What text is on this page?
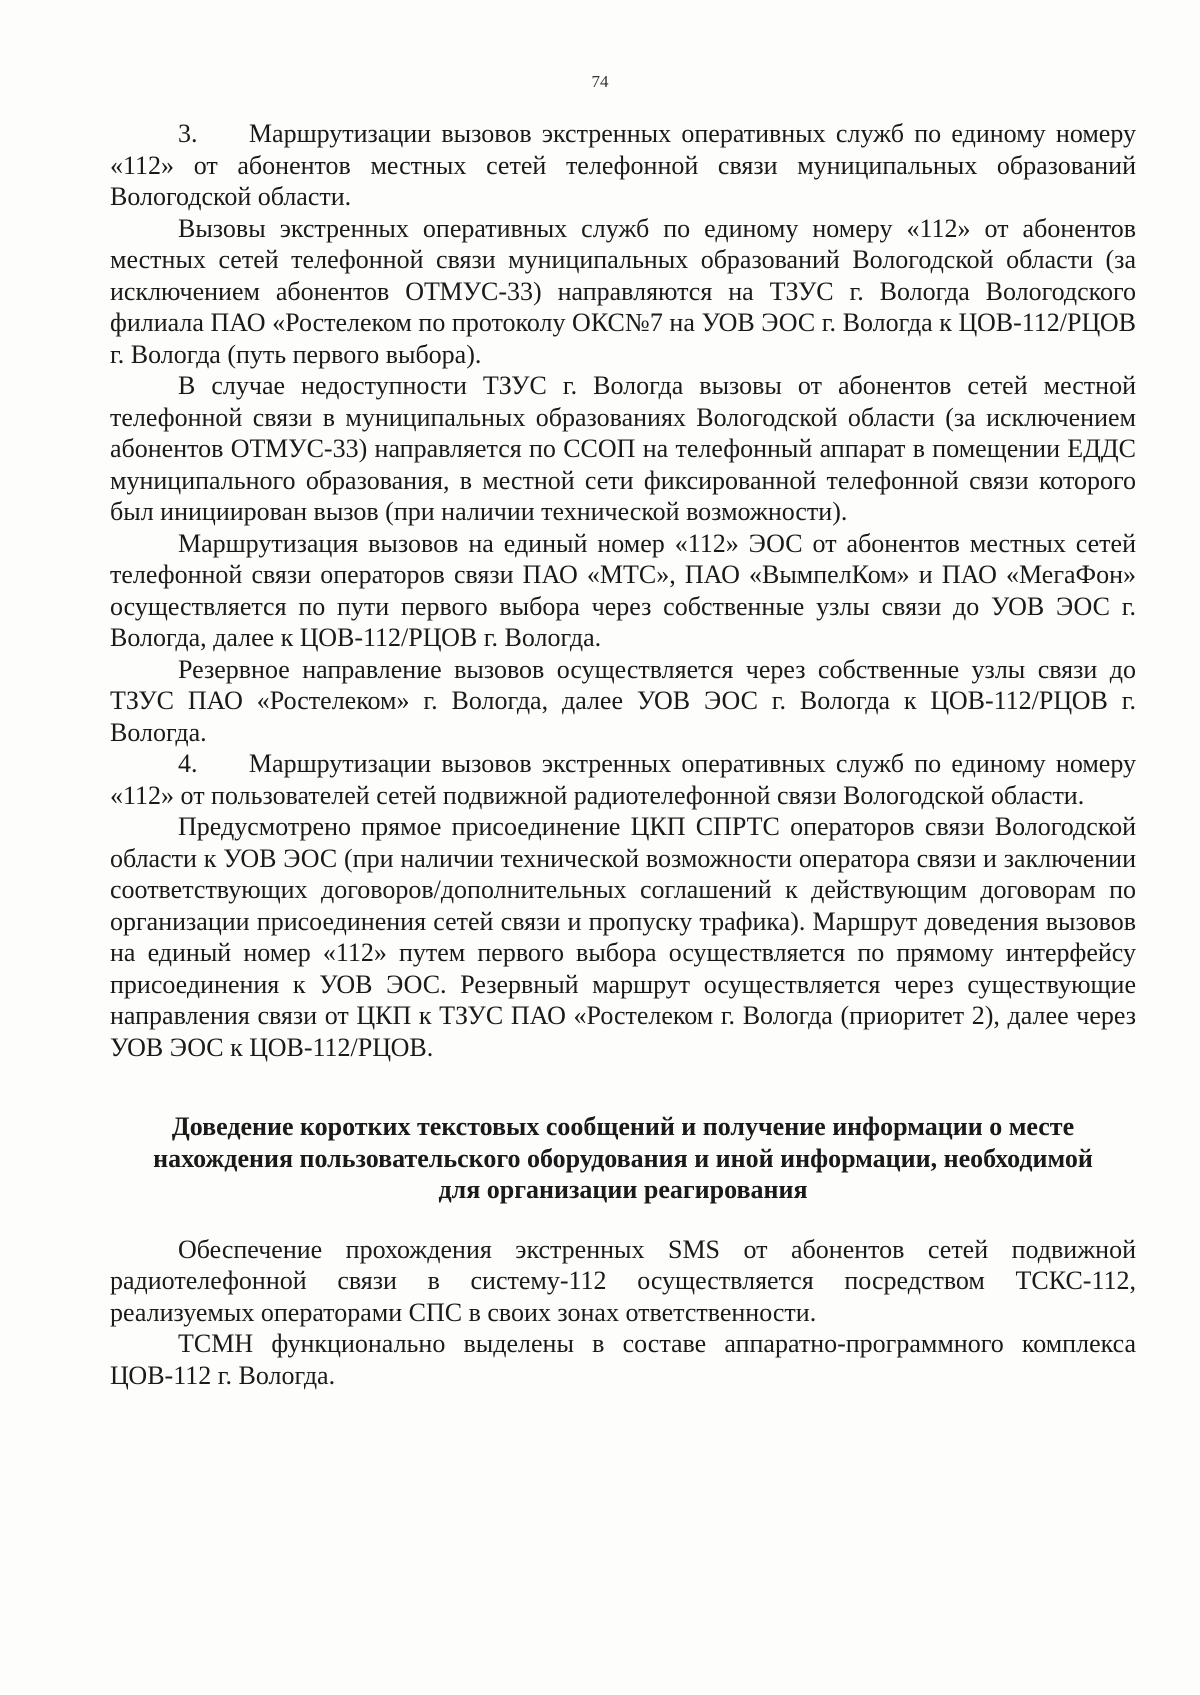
74

3.     Маршрутизации вызовов экстренных оперативных служб по единому номеру «112» от абонентов местных сетей телефонной связи муниципальных образований Вологодской области.

Вызовы экстренных оперативных служб по единому номеру «112» от абонентов местных сетей телефонной связи муниципальных образований Вологодской области (за исключением абонентов ОТМУС-33) направляются на ТЗУС г. Вологда Вологодского филиала ПАО «Ростелеком по протоколу ОКС№7 на УОВ ЭОС г. Вологда к ЦОВ-112/РЦОВ г. Вологда (путь первого выбора).

В случае недоступности ТЗУС г. Вологда вызовы от абонентов сетей местной телефонной связи в муниципальных образованиях Вологодской области (за исключением абонентов ОТМУС-33) направляется по ССОП на телефонный аппарат в помещении ЕДДС муниципального образования, в местной сети фиксированной телефонной связи которого был инициирован вызов (при наличии технической возможности).

Маршрутизация вызовов на единый номер «112» ЭОС от абонентов местных сетей телефонной связи операторов связи ПАО «МТС», ПАО «ВымпелКом» и ПАО «МегаФон» осуществляется по пути первого выбора через собственные узлы связи до УОВ ЭОС г. Вологда, далее к ЦОВ-112/РЦОВ г. Вологда.

Резервное направление вызовов осуществляется через собственные узлы связи до ТЗУС ПАО «Ростелеком» г. Вологда, далее УОВ ЭОС г. Вологда к ЦОВ-112/РЦОВ г. Вологда.

4.     Маршрутизации вызовов экстренных оперативных служб по единому номеру «112» от пользователей сетей подвижной радиотелефонной связи Вологодской области.

Предусмотрено прямое присоединение ЦКП СПРТС операторов связи Вологодской области к УОВ ЭОС (при наличии технической возможности оператора связи и заключении соответствующих договоров/дополнительных соглашений к действующим договорам по организации присоединения сетей связи и пропуску трафика). Маршрут доведения вызовов на единый номер «112» путем первого выбора осуществляется по прямому интерфейсу присоединения к УОВ ЭОС. Резервный маршрут осуществляется через существующие направления связи от ЦКП к ТЗУС ПАО «Ростелеком г. Вологда (приоритет 2), далее через УОВ ЭОС к ЦОВ-112/РЦОВ.

Доведение коротких текстовых сообщений и получение информации о месте нахождения пользовательского оборудования и иной информации, необходимой для организации реагирования

Обеспечение прохождения экстренных SMS от абонентов сетей подвижной радиотелефонной связи в систему-112 осуществляется посредством ТСКС-112, реализуемых операторами СПС в своих зонах ответственности.

ТСМН функционально выделены в составе аппаратно-программного комплекса ЦОВ-112 г. Вологда.
